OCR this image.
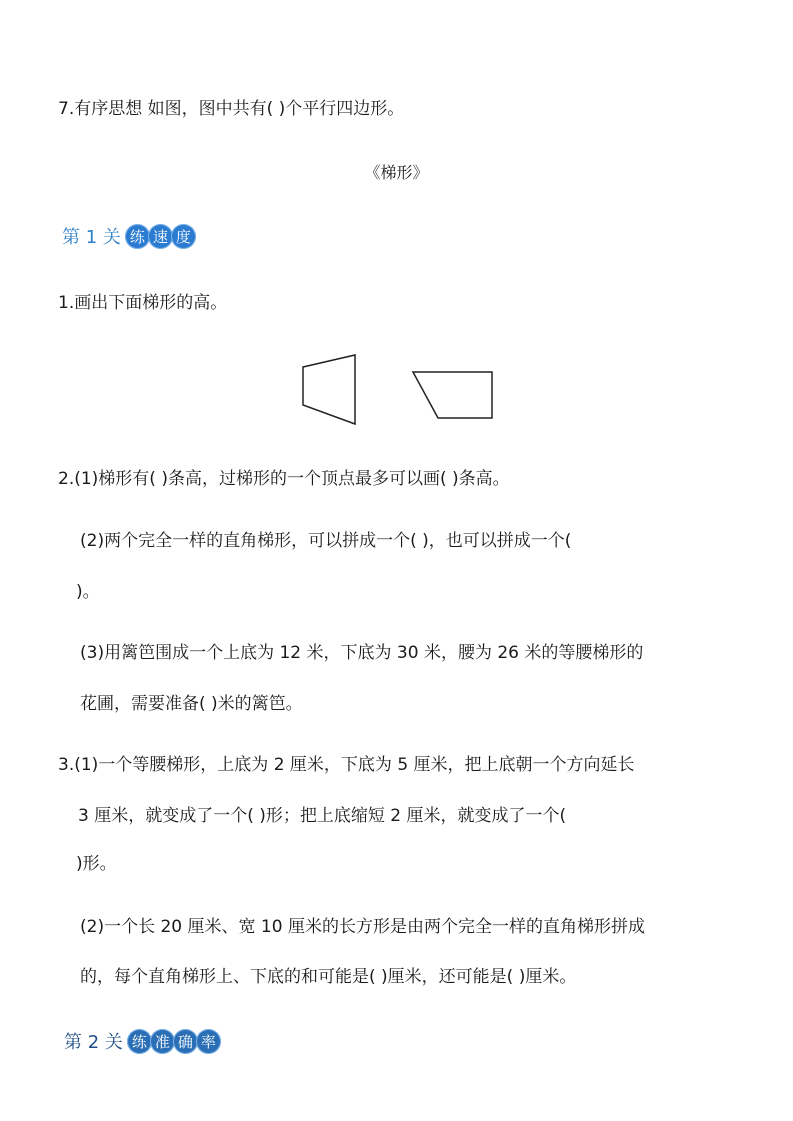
7.有序思想 如图，图中共有( )个平行四边形。
《梯形》
第 1 关 练 速 度
1.画出下面梯形的高。
2.(1)梯形有( )条高，过梯形的一个顶点最多可以画( )条高。
(2)两个完全一样的直角梯形，可以拼成一个( )，也可以拼成一个(
)。
(3)用篱笆围成一个上底为 12 米，下底为 30 米，腰为 26 米的等腰梯形的
花圃，需要准备( )米的篱笆。
3.(1)一个等腰梯形，上底为 2 厘米，下底为 5 厘米，把上底朝一个方向延长
3 厘米，就变成了一个( )形；把上底缩短 2 厘米，就变成了一个(
)形。
(2)一个长 20 厘米、宽 10 厘米的长方形是由两个完全一样的直角梯形拼成
的，每个直角梯形上、下底的和可能是( )厘米，还可能是( )厘米。
第 2 关 练 准 确 率
